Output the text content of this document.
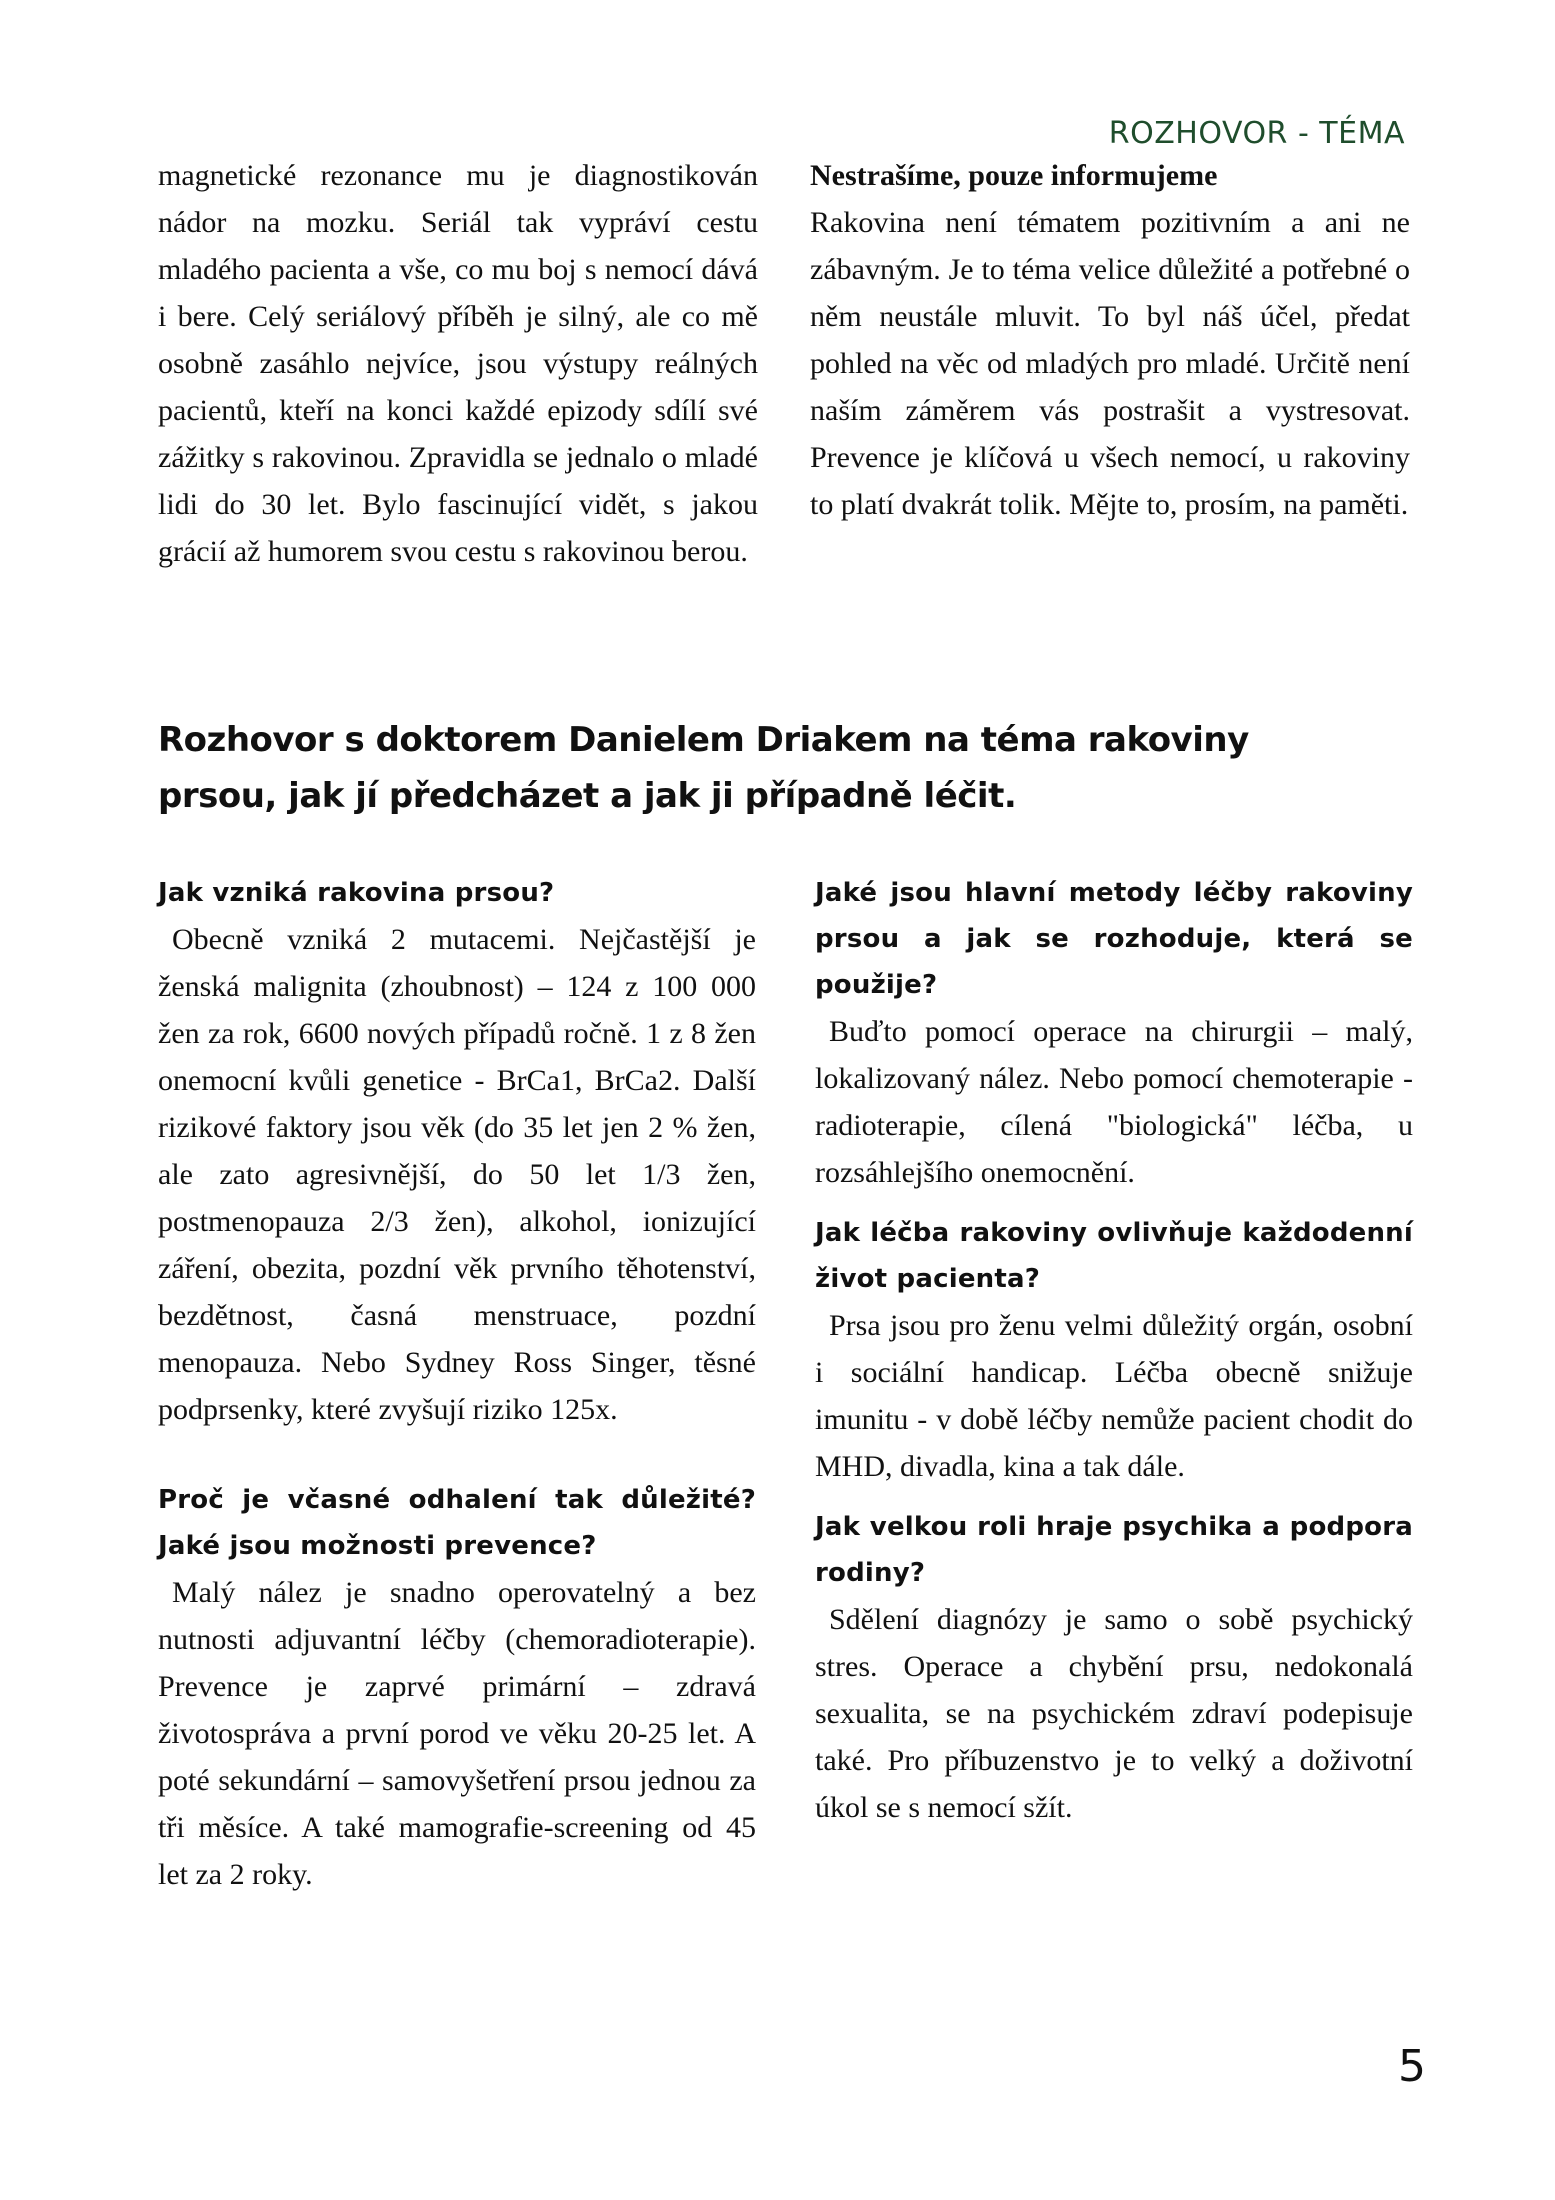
ROZHOVOR - TÉMA

magnetické rezonance mu je diagnostikován nádor na mozku. Seriál tak vypráví cestu mladého pacienta a vše, co mu boj s nemocí dává i bere. Celý seriálový příběh je silný, ale co mě osobně zasáhlo nejvíce, jsou výstupy reálných pacientů, kteří na konci každé epizody sdílí své zážitky s rakovinou. Zpravidla se jednalo o mladé lidi do 30 let. Bylo fascinující vidět, s jakou grácií až humorem svou cestu s rakovinou berou.

Nestrašíme, pouze informujeme

Rakovina není tématem pozitivním a ani ne zábavným. Je to téma velice důležité a potřebné o něm neustále mluvit. To byl náš účel, předat pohled na věc od mladých pro mladé. Určitě není naším záměrem vás postrašit a vystresovat. Prevence je klíčová u všech nemocí, u rakoviny to platí dvakrát tolik. Mějte to, prosím, na paměti.

Rozhovor s doktorem Danielem Driakem na téma rakoviny prsou, jak jí předcházet a jak ji případně léčit.
Jak vzniká rakovina prsou?

Obecně vzniká 2 mutacemi. Nejčastější je ženská malignita (zhoubnost) – 124 z 100 000 žen za rok, 6600 nových případů ročně. 1 z 8 žen onemocní kvůli genetice - BrCa1, BrCa2. Další rizikové faktory jsou věk (do 35 let jen 2 % žen, ale zato agresivnější, do 50 let 1/3 žen, postmenopauza 2/3 žen), alkohol, ionizující záření, obezita, pozdní věk prvního těhotenství, bezdětnost, časná menstruace, pozdní menopauza. Nebo Sydney Ross Singer, těsné podprsenky, které zvyšují riziko 125x.

Proč je včasné odhalení tak důležité? Jaké jsou možnosti prevence?

Malý nález je snadno operovatelný a bez nutnosti adjuvantní léčby (chemoradioterapie). Prevence je zaprvé primární – zdravá životospráva a první porod ve věku 20-25 let. A poté sekundární – samovyšetření prsou jednou za tři měsíce. A také mamografie-screening od 45 let za 2 roky.

Jaké jsou hlavní metody léčby rakoviny prsou a jak se rozhoduje, která se použije?

Buďto pomocí operace na chirurgii – malý, lokalizovaný nález. Nebo pomocí chemoterapie - radioterapie, cílená "biologická" léčba, u rozsáhlejšího onemocnění.

Jak léčba rakoviny ovlivňuje každodenní život pacienta?

Prsa jsou pro ženu velmi důležitý orgán, osobní i sociální handicap. Léčba obecně snižuje imunitu - v době léčby nemůže pacient chodit do MHD, divadla, kina a tak dále.

Jak velkou roli hraje psychika a podpora rodiny?

Sdělení diagnózy je samo o sobě psychický stres. Operace a chybění prsu, nedokonalá sexualita, se na psychickém zdraví podepisuje také. Pro příbuzenstvo je to velký a doživotní úkol se s nemocí sžít.

5
